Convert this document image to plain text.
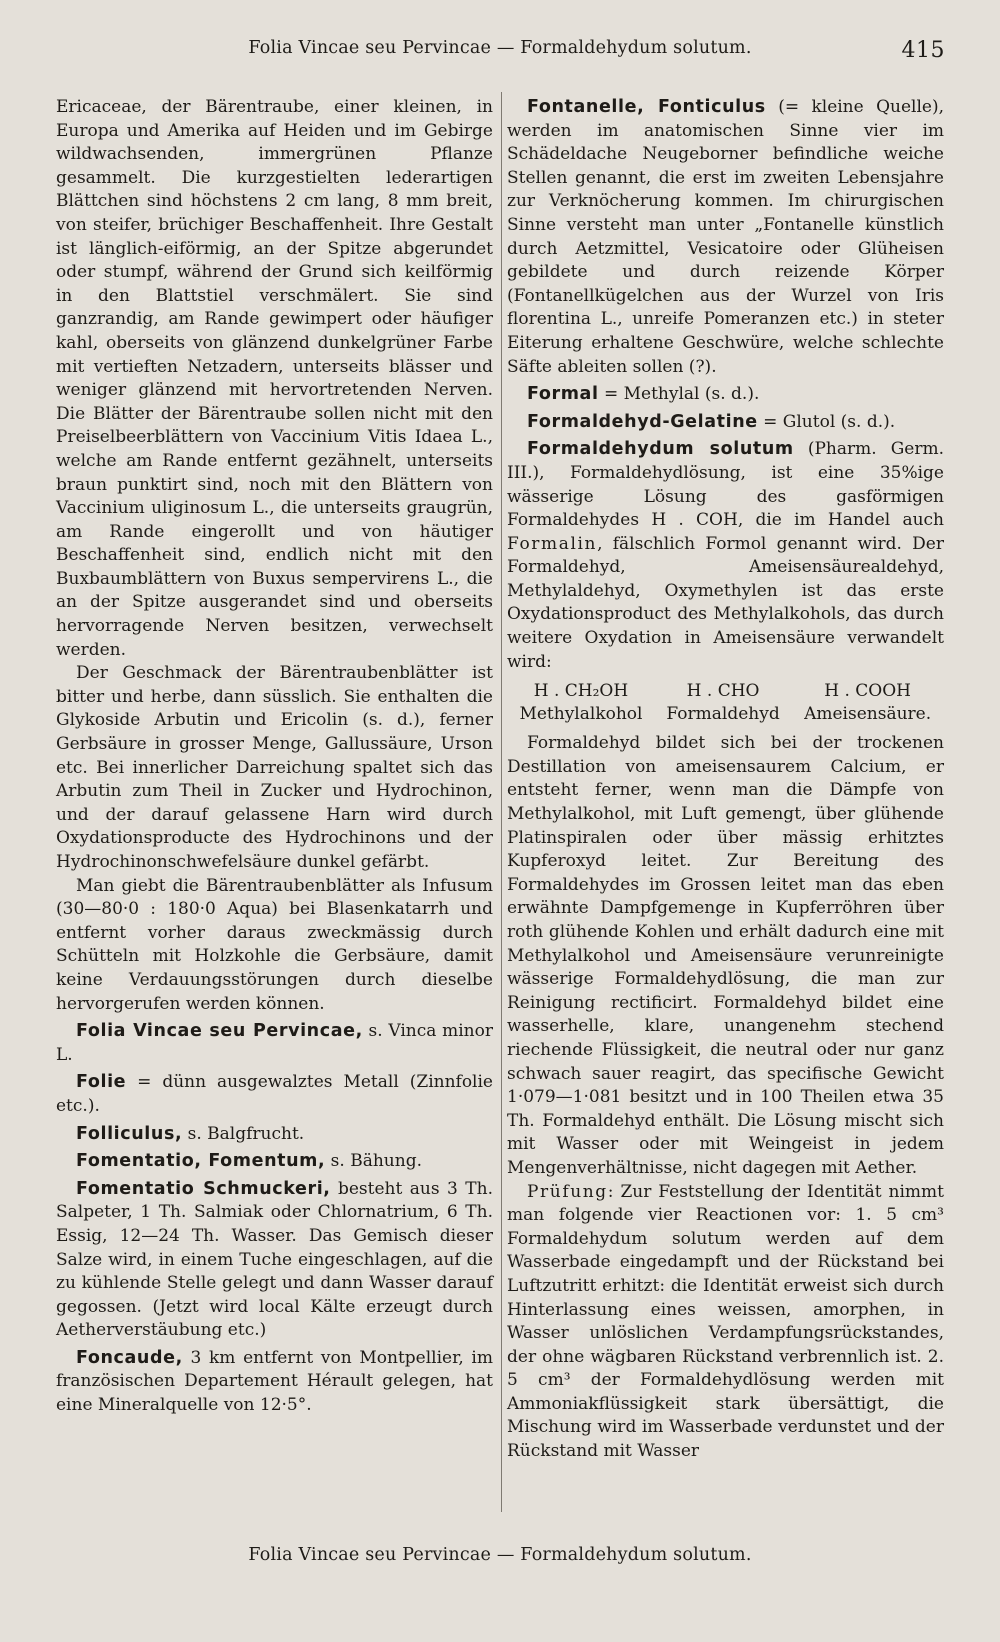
Folia Vincae seu Pervincae — Formaldehydum solutum.	415

Ericaceae, der Bärentraube, einer kleinen, in Europa und Amerika auf Heiden und im Gebirge wildwachsenden, immergrünen Pflanze gesammelt. Die kurzgestielten lederartigen Blättchen sind höchstens 2 cm lang, 8 mm breit, von steifer, brüchiger Beschaffenheit. Ihre Gestalt ist länglich-eiförmig, an der Spitze abgerundet oder stumpf, während der Grund sich keilförmig in den Blattstiel verschmälert. Sie sind ganzrandig, am Rande gewimpert oder häufiger kahl, oberseits von glänzend dunkelgrüner Farbe mit vertieften Netzadern, unterseits blässer und weniger glänzend mit hervortretenden Nerven. Die Blätter der Bärentraube sollen nicht mit den Preiselbeerblättern von Vaccinium Vitis Idaea L., welche am Rande entfernt gezähnelt, unterseits braun punktirt sind, noch mit den Blättern von Vaccinium uliginosum L., die unterseits graugrün, am Rande eingerollt und von häutiger Beschaffenheit sind, endlich nicht mit den Buxbaumblättern von Buxus sempervirens L., die an der Spitze ausgerandet sind und oberseits hervorragende Nerven besitzen, verwechselt werden.

Der Geschmack der Bärentraubenblätter ist bitter und herbe, dann süsslich. Sie enthalten die Glykoside Arbutin und Ericolin (s. d.), ferner Gerbsäure in grosser Menge, Gallussäure, Urson etc. Bei innerlicher Darreichung spaltet sich das Arbutin zum Theil in Zucker und Hydrochinon, und der darauf gelassene Harn wird durch Oxydationsproducte des Hydrochinons und der Hydrochinonschwefelsäure dunkel gefärbt.

Man giebt die Bärentraubenblätter als Infusum (30—80·0 : 180·0 Aqua) bei Blasenkatarrh und entfernt vorher daraus zweckmässig durch Schütteln mit Holzkohle die Gerbsäure, damit keine Verdauungsstörungen durch dieselbe hervorgerufen werden können.

Folia Vincae seu Pervincae, s. Vinca minor L.

Folie = dünn ausgewalztes Metall (Zinnfolie etc.).

Folliculus, s. Balgfrucht.

Fomentatio, Fomentum, s. Bähung.

Fomentatio Schmuckeri, besteht aus 3 Th. Salpeter, 1 Th. Salmiak oder Chlornatrium, 6 Th. Essig, 12—24 Th. Wasser. Das Gemisch dieser Salze wird, in einem Tuche eingeschlagen, auf die zu kühlende Stelle gelegt und dann Wasser darauf gegossen. (Jetzt wird local Kälte erzeugt durch Aetherverstäubung etc.)

Foncaude, 3 km entfernt von Montpellier, im französischen Departement Hérault gelegen, hat eine Mineralquelle von 12·5°.

Fontanelle, Fonticulus (= kleine Quelle), werden im anatomischen Sinne vier im Schädeldache Neugeborner befindliche weiche Stellen genannt, die erst im zweiten Lebensjahre zur Verknöcherung kommen. Im chirurgischen Sinne versteht man unter „Fontanelle künstlich durch Aetzmittel, Vesicatoire oder Glüheisen gebildete und durch reizende Körper (Fontanellkügelchen aus der Wurzel von Iris florentina L., unreife Pomeranzen etc.) in steter Eiterung erhaltene Geschwüre, welche schlechte Säfte ableiten sollen (?).

Formal = Methylal (s. d.).

Formaldehyd-Gelatine = Glutol (s. d.).

Formaldehydum solutum (Pharm. Germ. III.), Formaldehydlösung, ist eine 35%ige wässerige Lösung des gasförmigen Formaldehydes H . COH, die im Handel auch Formalin, fälschlich Formol genannt wird. Der Formaldehyd, Ameisensäurealdehyd, Methylaldehyd, Oxymethylen ist das erste Oxydationsproduct des Methylalkohols, das durch weitere Oxydation in Ameisensäure verwandelt wird:

H . CH₂OH	H . CHO	H . COOH
Methylalkohol	Formaldehyd	Ameisensäure.

Formaldehyd bildet sich bei der trockenen Destillation von ameisensaurem Calcium, er entsteht ferner, wenn man die Dämpfe von Methylalkohol, mit Luft gemengt, über glühende Platinspiralen oder über mässig erhitztes Kupferoxyd leitet. Zur Bereitung des Formaldehydes im Grossen leitet man das eben erwähnte Dampfgemenge in Kupferröhren über roth glühende Kohlen und erhält dadurch eine mit Methylalkohol und Ameisensäure verunreinigte wässerige Formaldehydlösung, die man zur Reinigung rectificirt. Formaldehyd bildet eine wasserhelle, klare, unangenehm stechend riechende Flüssigkeit, die neutral oder nur ganz schwach sauer reagirt, das specifische Gewicht 1·079—1·081 besitzt und in 100 Theilen etwa 35 Th. Formaldehyd enthält. Die Lösung mischt sich mit Wasser oder mit Weingeist in jedem Mengenverhältnisse, nicht dagegen mit Aether.

Prüfung: Zur Feststellung der Identität nimmt man folgende vier Reactionen vor: 1. 5 cm³ Formaldehydum solutum werden auf dem Wasserbade eingedampft und der Rückstand bei Luftzutritt erhitzt: die Identität erweist sich durch Hinterlassung eines weissen, amorphen, in Wasser unlöslichen Verdampfungsrückstandes, der ohne wägbaren Rückstand verbrennlich ist. 2. 5 cm³ der Formaldehydlösung werden mit Ammoniakflüssigkeit stark übersättigt, die Mischung wird im Wasserbade verdunstet und der Rückstand mit Wasser

Folia Vincae seu Pervincae — Formaldehydum solutum.
